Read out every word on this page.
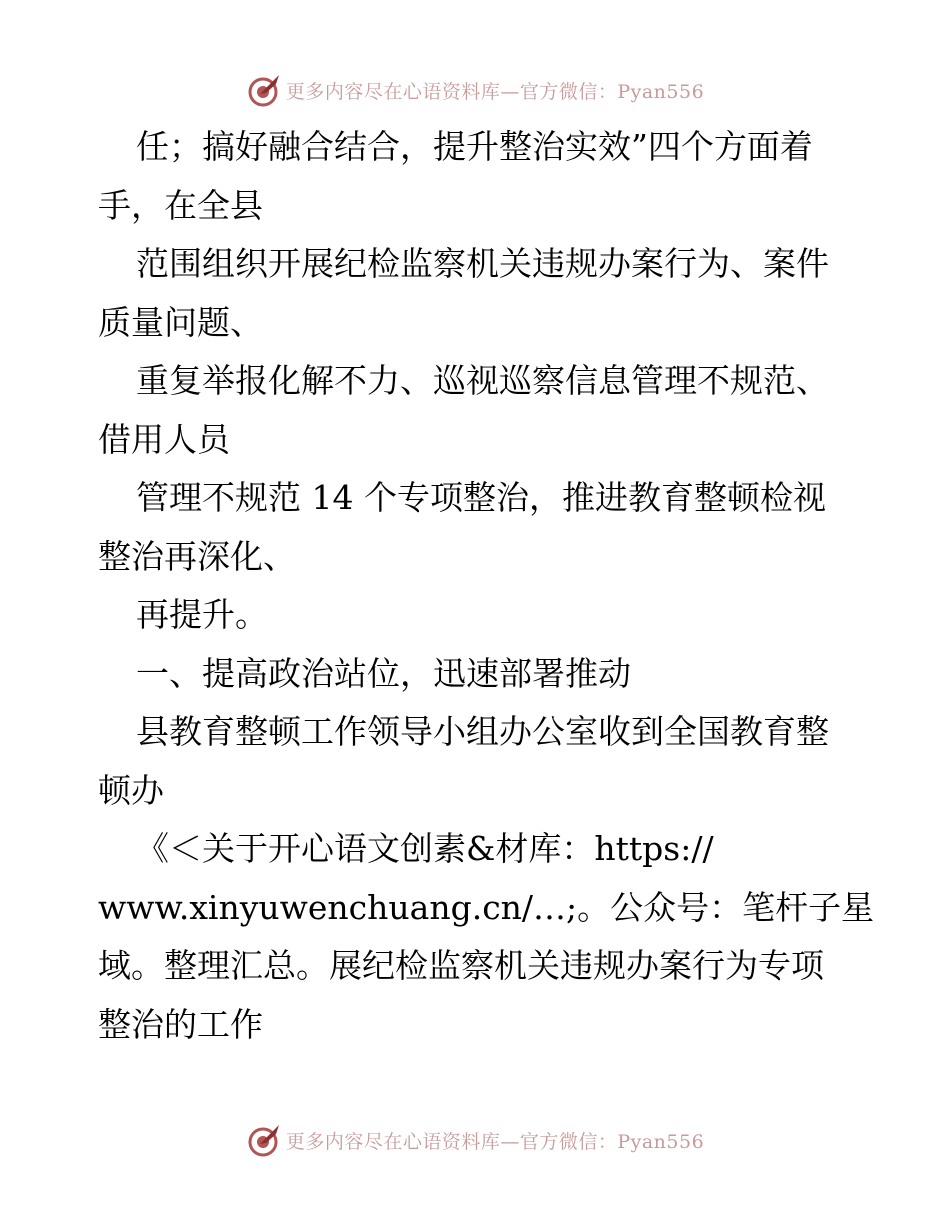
更多内容尽在心语资料库—官方微信：Pyan556
任；搞好融合结合，提升整治实效”四个方面着
手，在全县
范围组织开展纪检监察机关违规办案行为、案件
质量问题、
重复举报化解不力、巡视巡察信息管理不规范、
借用人员
管理不规范 14 个专项整治，推进教育整顿检视
整治再深化、
再提升。
一、提高政治站位，迅速部署推动
县教育整顿工作领导小组办公室收到全国教育整
顿办
《＜关于开心语文创素&材库：https://
www.xinyuwenchuang.cn/…;。公众号：笔杆子星
域。整理汇总。展纪检监察机关违规办案行为专项
整治的工作
更多内容尽在心语资料库—官方微信：Pyan556
